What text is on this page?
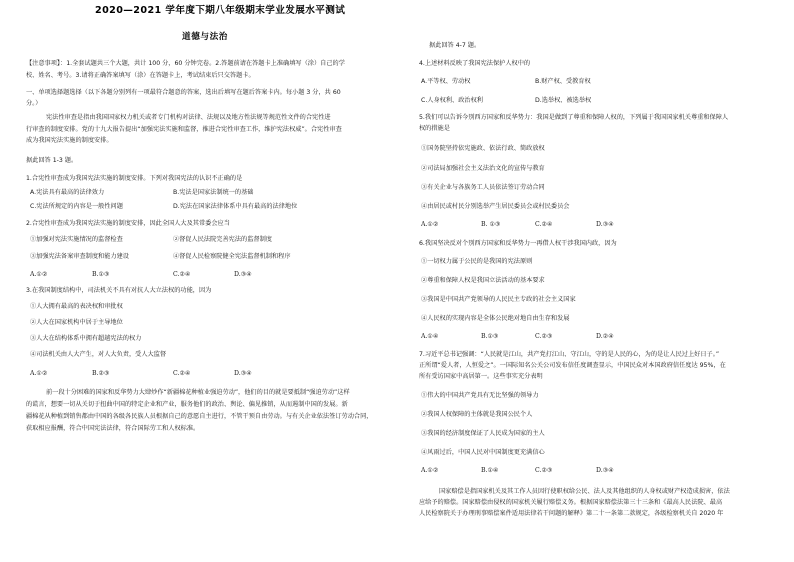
2020—2021 学年度下期八年级期末学业发展水平测试
道德与法治
【注意事项】：1.全套试题共三个大题，共计 100 分，60 分钟完卷。2.答题前请在答题卡上准确填写（涂）自己的学
校、姓名、考号。3.请将正确答案填写（涂）在答题卡上，考试结束后只交答题卡。
一、单项选择题选择（以下各题分别列有一项最符合题意的答案，选出后填写在题后答案卡内。每小题 3 分，共 60
分。）
宪法性审查是指由我国国家权力机关或者专门机构对法律、法规以及地方性法规等规范性文件的合宪性进
行审查的制度安排。党的十九大报告提出“加强宪法实施和监督，推进合宪性审查工作，维护宪法权威”。合宪性审查
成为我国宪法实施的制度安排。
据此回答 1-3 题。
1.合宪性审查成为我国宪法实施的制度安排。下列对我国宪法的认识不正确的是
A.宪法具有最高的法律效力	B.宪法是国家法制统一的基础
C.宪法所规定的内容是一般性问题	D.宪法在国家法律体系中具有最高的法律地位
2.合宪性审查成为我国宪法实施的制度安排，因此全国人大及其常委会应当
①加强对宪法实施情况的监督检查	②督促人民法院完善宪法的监督制度
③加强宪法备案审查制度和能力建设	④督促人民检察院健全宪法监督机制和程序
A.①②	B.①③	C.②④	D.③④
3.在我国制度结构中，司法机关不具有对抗人大立法权的功能，因为
①人大拥有最高的表决权和审批权
②人大在国家机构中居于主导地位
③人大在结构体系中拥有超越宪法的权力
④司法机关由人大产生，对人大负责，受人大监督
A.①②	B.②③	C.②④	D.③④
前一段十分困难的国家和反华势力大肆炒作“新疆棉花种植业强迫劳动”，他们的目的就是要抵制“强迫劳动”这样
的谎言，想要一切从关切于扭曲中国的特定企业和产业，服务他们的政治、舆论、偏见推销，从而遏制中国的发展。新
疆棉花从种植到销售都由中国的各级各民族人员根据自己的意愿自主进行，不管干预自由劳动。与有关企业依法签订劳动合同，
获取相应报酬，符合中国宪法法律，符合国际劳工和人权标准。
据此回答 4-7 题。
4.上述材料反映了我国宪法保护人权中的
A.平等权、劳动权	B.财产权、受教育权
C.人身权利、政治权利	D.选举权、被选举权
5.我们可以告诉今别西方国家和反华势力：我国是做到了尊重和保障人权的，下列属于我国国家机关尊重和保障人
权的措施是
①国务院坚持依宪施政、依法行政、简政放权
②司法局加强社会主义法治文化的宣传与教育
③有关企业与各族务工人员依法签订劳动合同
④由居民或村民分别选举产生居民委员会或村民委员会
A.①②	B. ①③	C.②④	D.③④
6.我国坚决反对个别西方国家和反华势力一再借人权干涉我国内政，因为
①一切权力属于公民的是我国的宪法原则
②尊重和保障人权是我国立法活动的基本要求
③我国是中国共产党领导的人民民主专政的社会主义国家
④人民权的实现内容是全体公民绝对地自由生存和发展
A.①④	B.①③	C.②③	D.②④
7.习近平总书记强调：“人民就是江山，共产党打江山、守江山，守的是人民的心，为的是让人民过上好日子。”
正所谓“爱人者，人恒爱之”。一国际知名公关公司发布信任度调查显示，中国民众对本国政府信任度达 95%，在
所有受访国家中高居第一。这些事实充分表明
①伟大的中国共产党具有无比坚强的领导力
②我国人权保障的主体就是我国公民个人
③我国的经济制度保证了人民成为国家的主人
④风雨过后，中国人民对中国制度更充满信心
A.①②	B.①④	C.②③	D.③④
国家赔偿是指国家机关及其工作人员因行使职权给公民、法人及其他组织的人身权或财产权造成损害，依法
应给予的赔偿。国家赔偿由侵权的国家机关履行赔偿义务。根据国家赔偿法第三十三条和《最高人民法院、最高
人民检察院关于办理刑事赔偿案件适用法律若干问题的解释》第二十一条第二款规定，各级检察机关自 2020 年
